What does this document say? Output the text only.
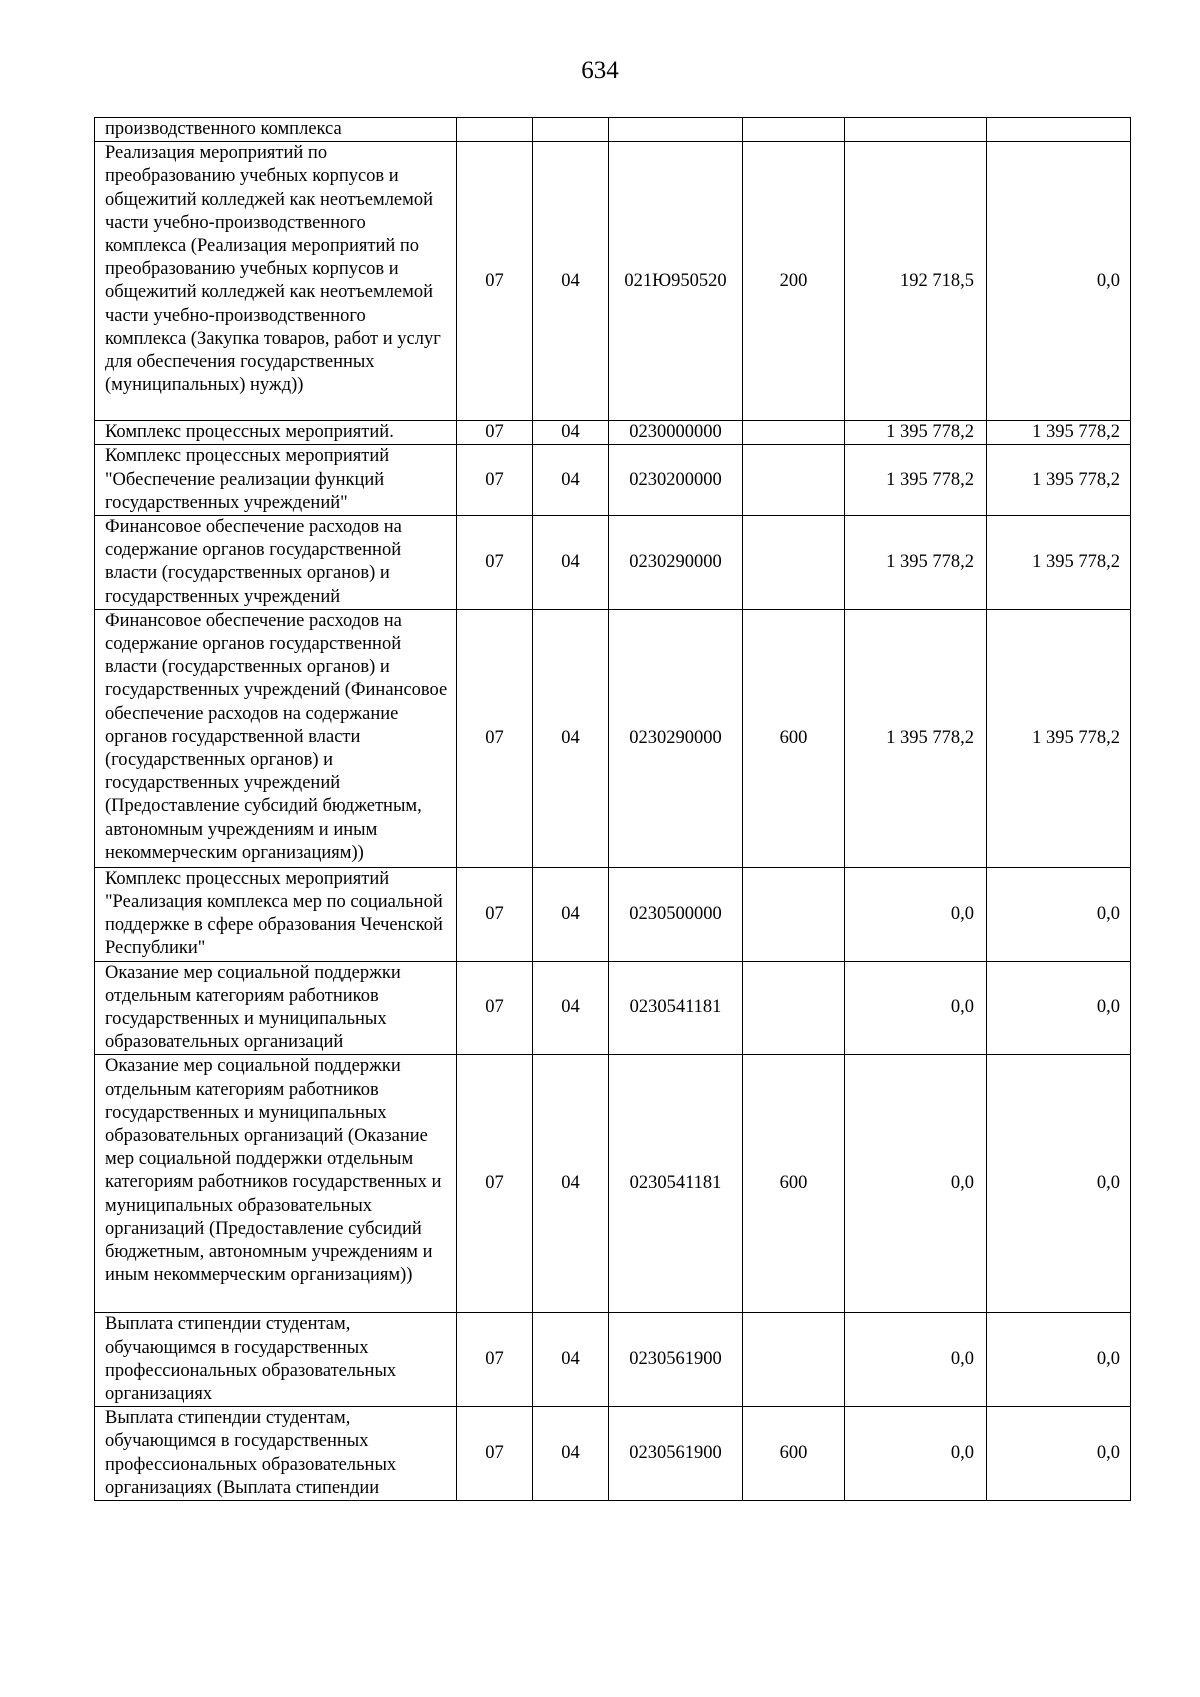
634
производственного комплекса						
Реализация мероприятий по преобразованию учебных корпусов и общежитий колледжей как неотъемлемой части учебно-производственного комплекса (Реализация мероприятий по преобразованию учебных корпусов и общежитий колледжей как неотъемлемой части учебно-производственного комплекса (Закупка товаров, работ и услуг для обеспечения государственных (муниципальных) нужд))	07	04	021Ю950520	200	192 718,5	0,0
Комплекс процессных мероприятий.	07	04	0230000000		1 395 778,2	1 395 778,2
Комплекс процессных мероприятий "Обеспечение реализации функций государственных учреждений"	07	04	0230200000		1 395 778,2	1 395 778,2
Финансовое обеспечение расходов на содержание органов государственной власти (государственных органов) и государственных учреждений	07	04	0230290000		1 395 778,2	1 395 778,2
Финансовое обеспечение расходов на содержание органов государственной власти (государственных органов) и государственных учреждений (Финансовое обеспечение расходов на содержание органов государственной власти (государственных органов) и государственных учреждений (Предоставление субсидий бюджетным, автономным учреждениям и иным некоммерческим организациям))	07	04	0230290000	600	1 395 778,2	1 395 778,2
Комплекс процессных мероприятий "Реализация комплекса мер по социальной поддержке в сфере образования Чеченской Республики"	07	04	0230500000		0,0	0,0
Оказание мер социальной поддержки отдельным категориям работников государственных и муниципальных образовательных организаций	07	04	0230541181		0,0	0,0
Оказание мер социальной поддержки отдельным категориям работников государственных и муниципальных образовательных организаций (Оказание мер социальной поддержки отдельным категориям работников государственных и муниципальных образовательных организаций (Предоставление субсидий бюджетным, автономным учреждениям и иным некоммерческим организациям))	07	04	0230541181	600	0,0	0,0
Выплата стипендии студентам, обучающимся в государственных профессиональных образовательных организациях	07	04	0230561900		0,0	0,0
Выплата стипендии студентам, обучающимся в государственных профессиональных образовательных организациях (Выплата стипендии	07	04	0230561900	600	0,0	0,0
